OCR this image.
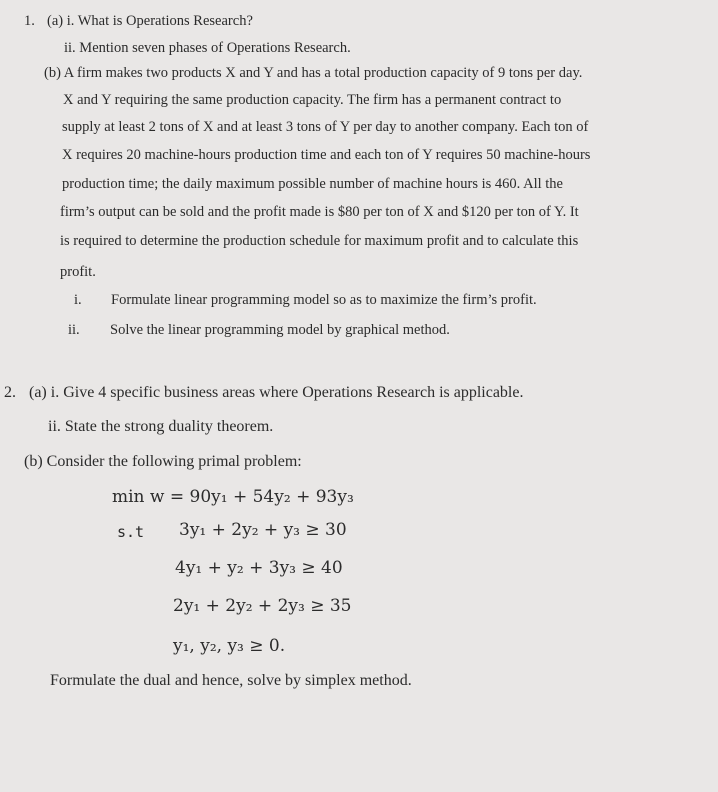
1. (a) i. What is Operations Research?
ii. Mention seven phases of Operations Research.
(b) A firm makes two products X and Y and has a total production capacity of 9 tons per day.
X and Y requiring the same production capacity. The firm has a permanent contract to
supply at least 2 tons of X and at least 3 tons of Y per day to another company. Each ton of
X requires 20 machine-hours production time and each ton of Y requires 50 machine-hours
production time; the daily maximum possible number of machine hours is 460. All the
firm’s output can be sold and the profit made is $80 per ton of X and $120 per ton of Y. It
is required to determine the production schedule for maximum profit and to calculate this
profit.
i. Formulate linear programming model so as to maximize the firm’s profit.
ii. Solve the linear programming model by graphical method.
2. (a) i. Give 4 specific business areas where Operations Research is applicable.
ii. State the strong duality theorem.
(b) Consider the following primal problem:
min w = 90y₁ + 54y₂ + 93y₃
s.t 3y₁ + 2y₂ + y₃ ≥ 30
4y₁ + y₂ + 3y₃ ≥ 40
2y₁ + 2y₂ + 2y₃ ≥ 35
y₁, y₂, y₃ ≥ 0.
Formulate the dual and hence, solve by simplex method.
